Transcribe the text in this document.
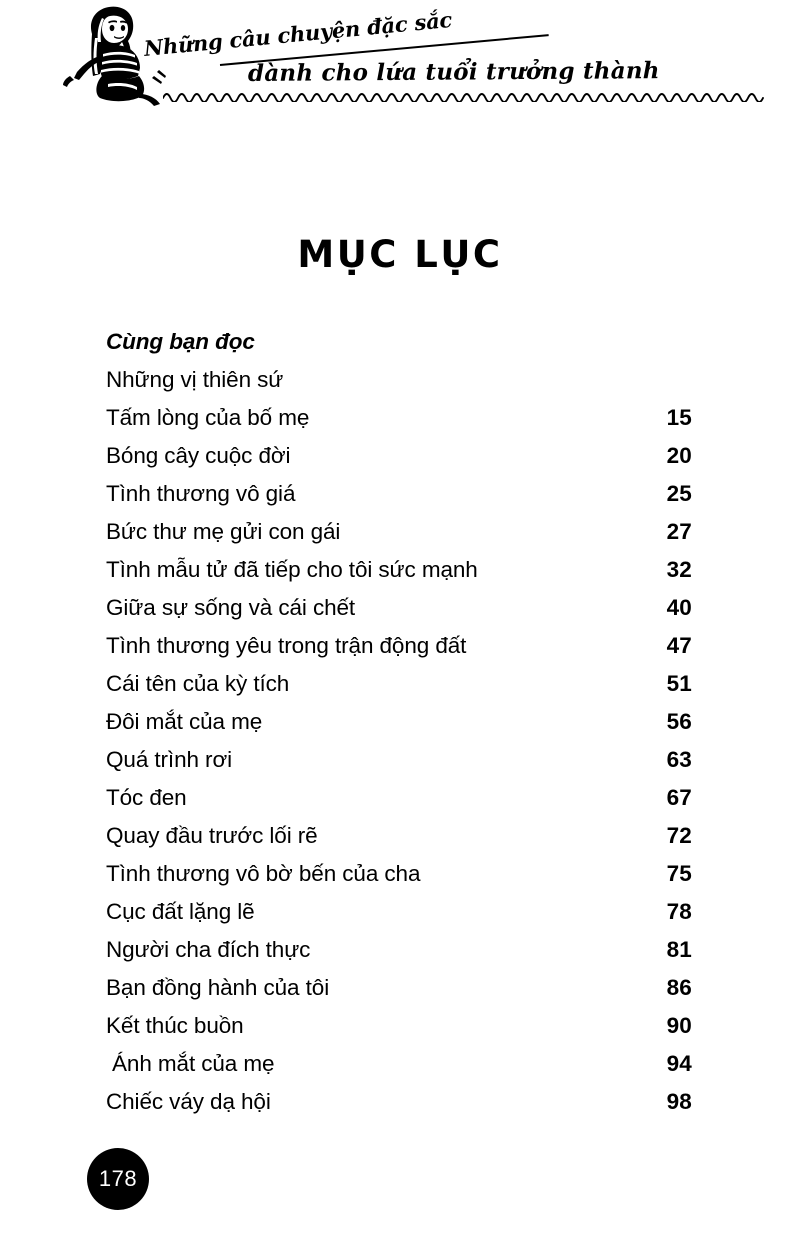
Những câu chuyện đặc sắc
dành cho lứa tuổi trưởng thành
MỤC LỤC
Cùng bạn đọc
Những vị thiên sứ
Tấm lòng của bố mẹ	15
Bóng cây cuộc đời	20
Tình thương vô giá	25
Bức thư mẹ gửi con gái	27
Tình mẫu tử đã tiếp cho tôi sức mạnh	32
Giữa sự sống và cái chết	40
Tình thương yêu trong trận động đất	47
Cái tên của kỳ tích	51
Đôi mắt của mẹ	56
Quá trình rơi	63
Tóc đen	67
Quay đầu trước lối rẽ	72
Tình thương vô bờ bến của cha	75
Cục đất lặng lẽ	78
Người cha đích thực	81
Bạn đồng hành của tôi	86
Kết thúc buồn	90
Ánh mắt của mẹ	94
Chiếc váy dạ hội	98
178
